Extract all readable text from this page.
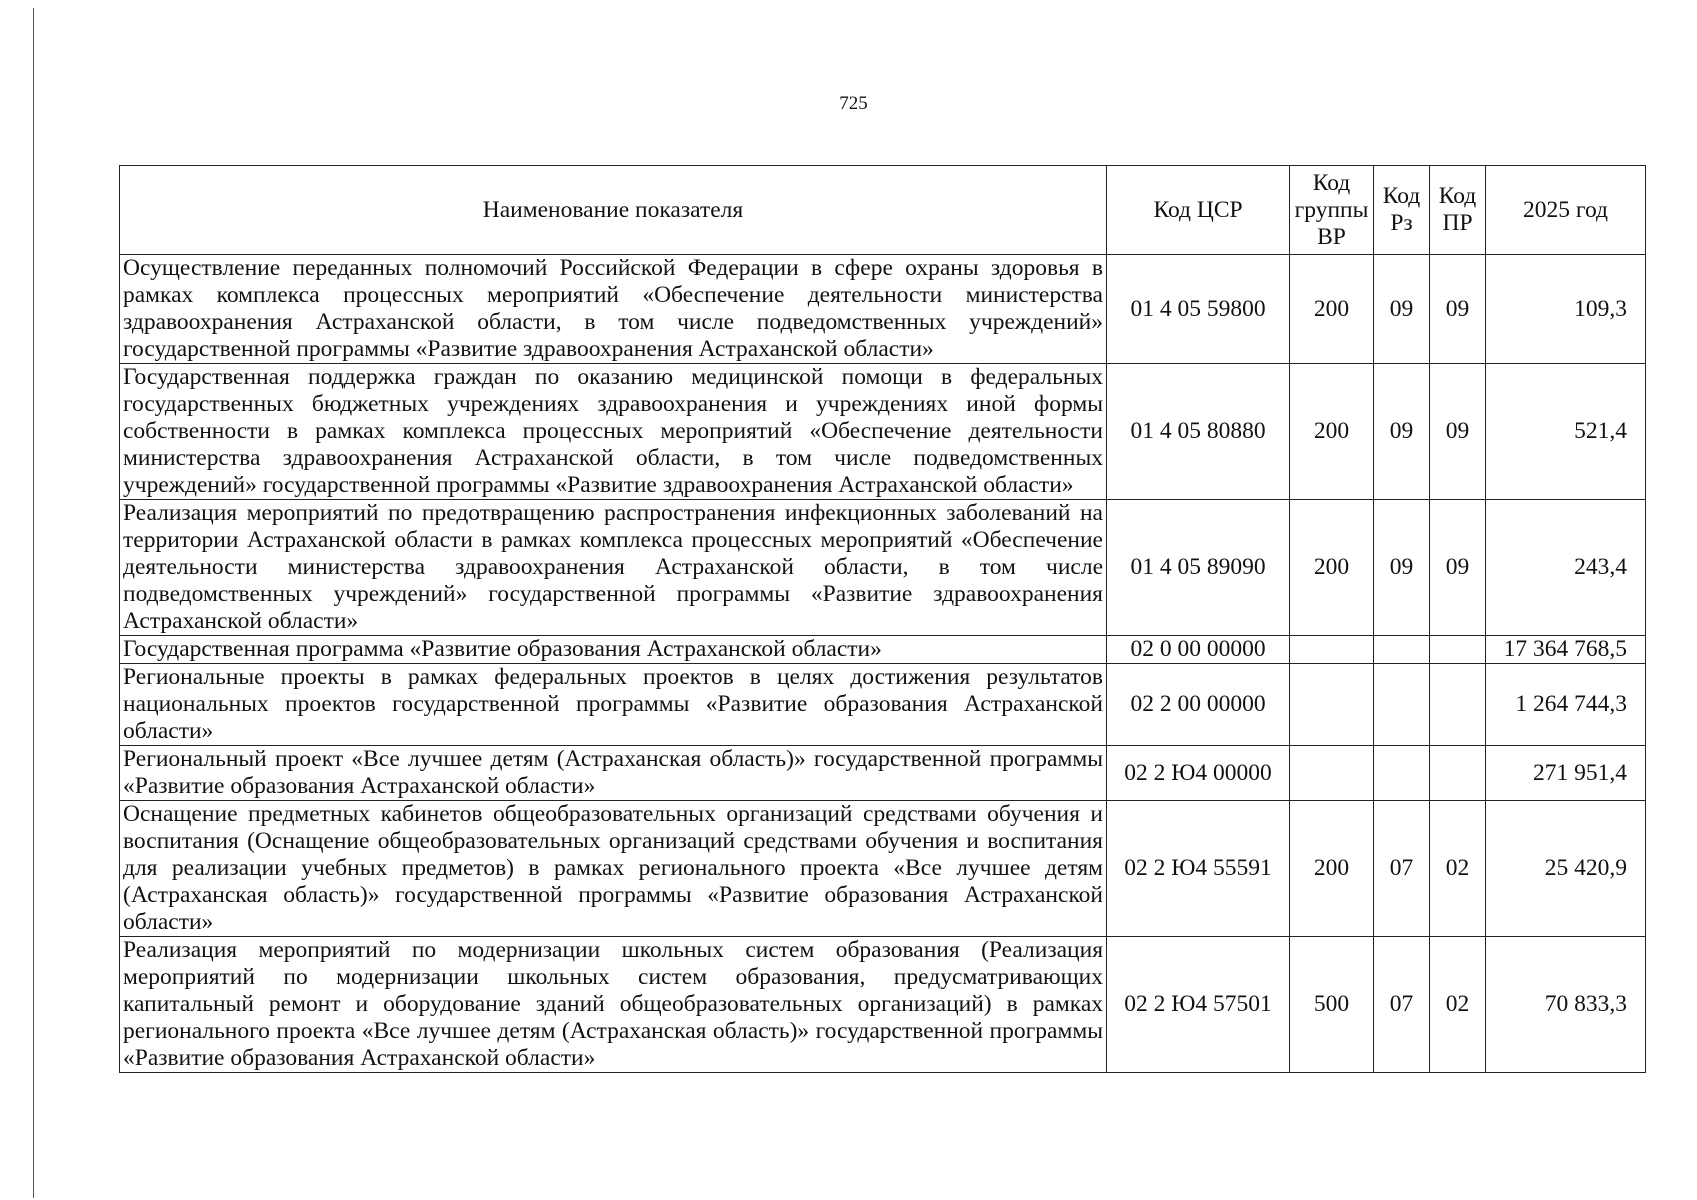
725
Наименование показателя	Код ЦСР	Код группы ВР	Код Рз	Код ПР	2025 год
Осуществление переданных полномочий Российской Федерации в сфере охраны здоровья в рамках комплекса процессных мероприятий «Обеспечение деятельности министерства здравоохранения Астраханской области, в том числе подведомственных учреждений» государственной программы «Развитие здравоохранения Астраханской области»	01 4 05 59800	200	09	09	109,3
Государственная поддержка граждан по оказанию медицинской помощи в федеральных государственных бюджетных учреждениях здравоохранения и учреждениях иной формы собственности в рамках комплекса процессных мероприятий «Обеспечение деятельности министерства здравоохранения Астраханской области, в том числе подведомственных учреждений» государственной программы «Развитие здравоохранения Астраханской области»	01 4 05 80880	200	09	09	521,4
Реализация мероприятий по предотвращению распространения инфекционных заболеваний на территории Астраханской области в рамках комплекса процессных мероприятий «Обеспечение деятельности министерства здравоохранения Астраханской области, в том числе подведомственных учреждений» государственной программы «Развитие здравоохранения Астраханской области»	01 4 05 89090	200	09	09	243,4
Государственная программа «Развитие образования Астраханской области»	02 0 00 00000				17 364 768,5
Региональные проекты в рамках федеральных проектов в целях достижения результатов национальных проектов государственной программы «Развитие образования Астраханской области»	02 2 00 00000				1 264 744,3
Региональный проект «Все лучшее детям (Астраханская область)» государственной программы «Развитие образования Астраханской области»	02 2 Ю4 00000				271 951,4
Оснащение предметных кабинетов общеобразовательных организаций средствами обучения и воспитания (Оснащение общеобразовательных организаций средствами обучения и воспитания для реализации учебных предметов) в рамках регионального проекта «Все лучшее детям (Астраханская область)» государственной программы «Развитие образования Астраханской области»	02 2 Ю4 55591	200	07	02	25 420,9
Реализация мероприятий по модернизации школьных систем образования (Реализация мероприятий по модернизации школьных систем образования, предусматривающих капитальный ремонт и оборудование зданий общеобразовательных организаций) в рамках регионального проекта «Все лучшее детям (Астраханская область)» государственной программы «Развитие образования Астраханской области»	02 2 Ю4 57501	500	07	02	70 833,3
